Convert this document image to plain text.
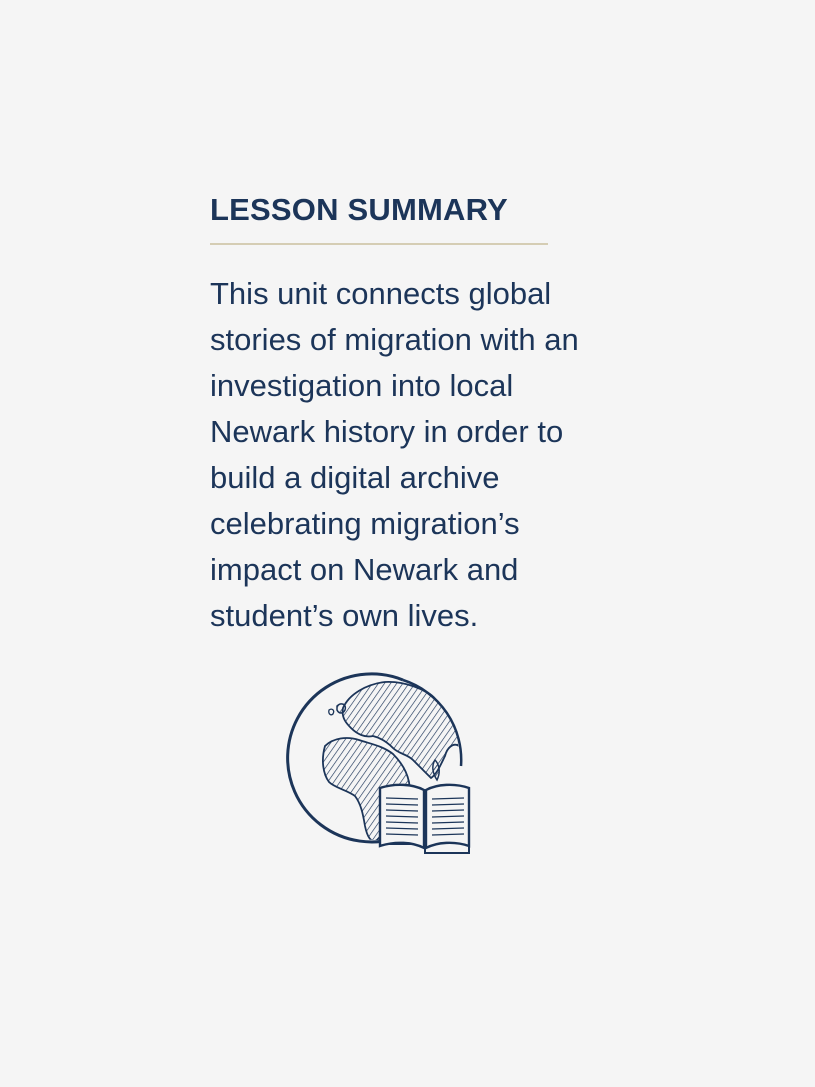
LESSON SUMMARY

This unit connects global stories of migration with an investigation into local Newark history in order to build a digital archive celebrating migration’s impact on Newark and student’s own lives.
